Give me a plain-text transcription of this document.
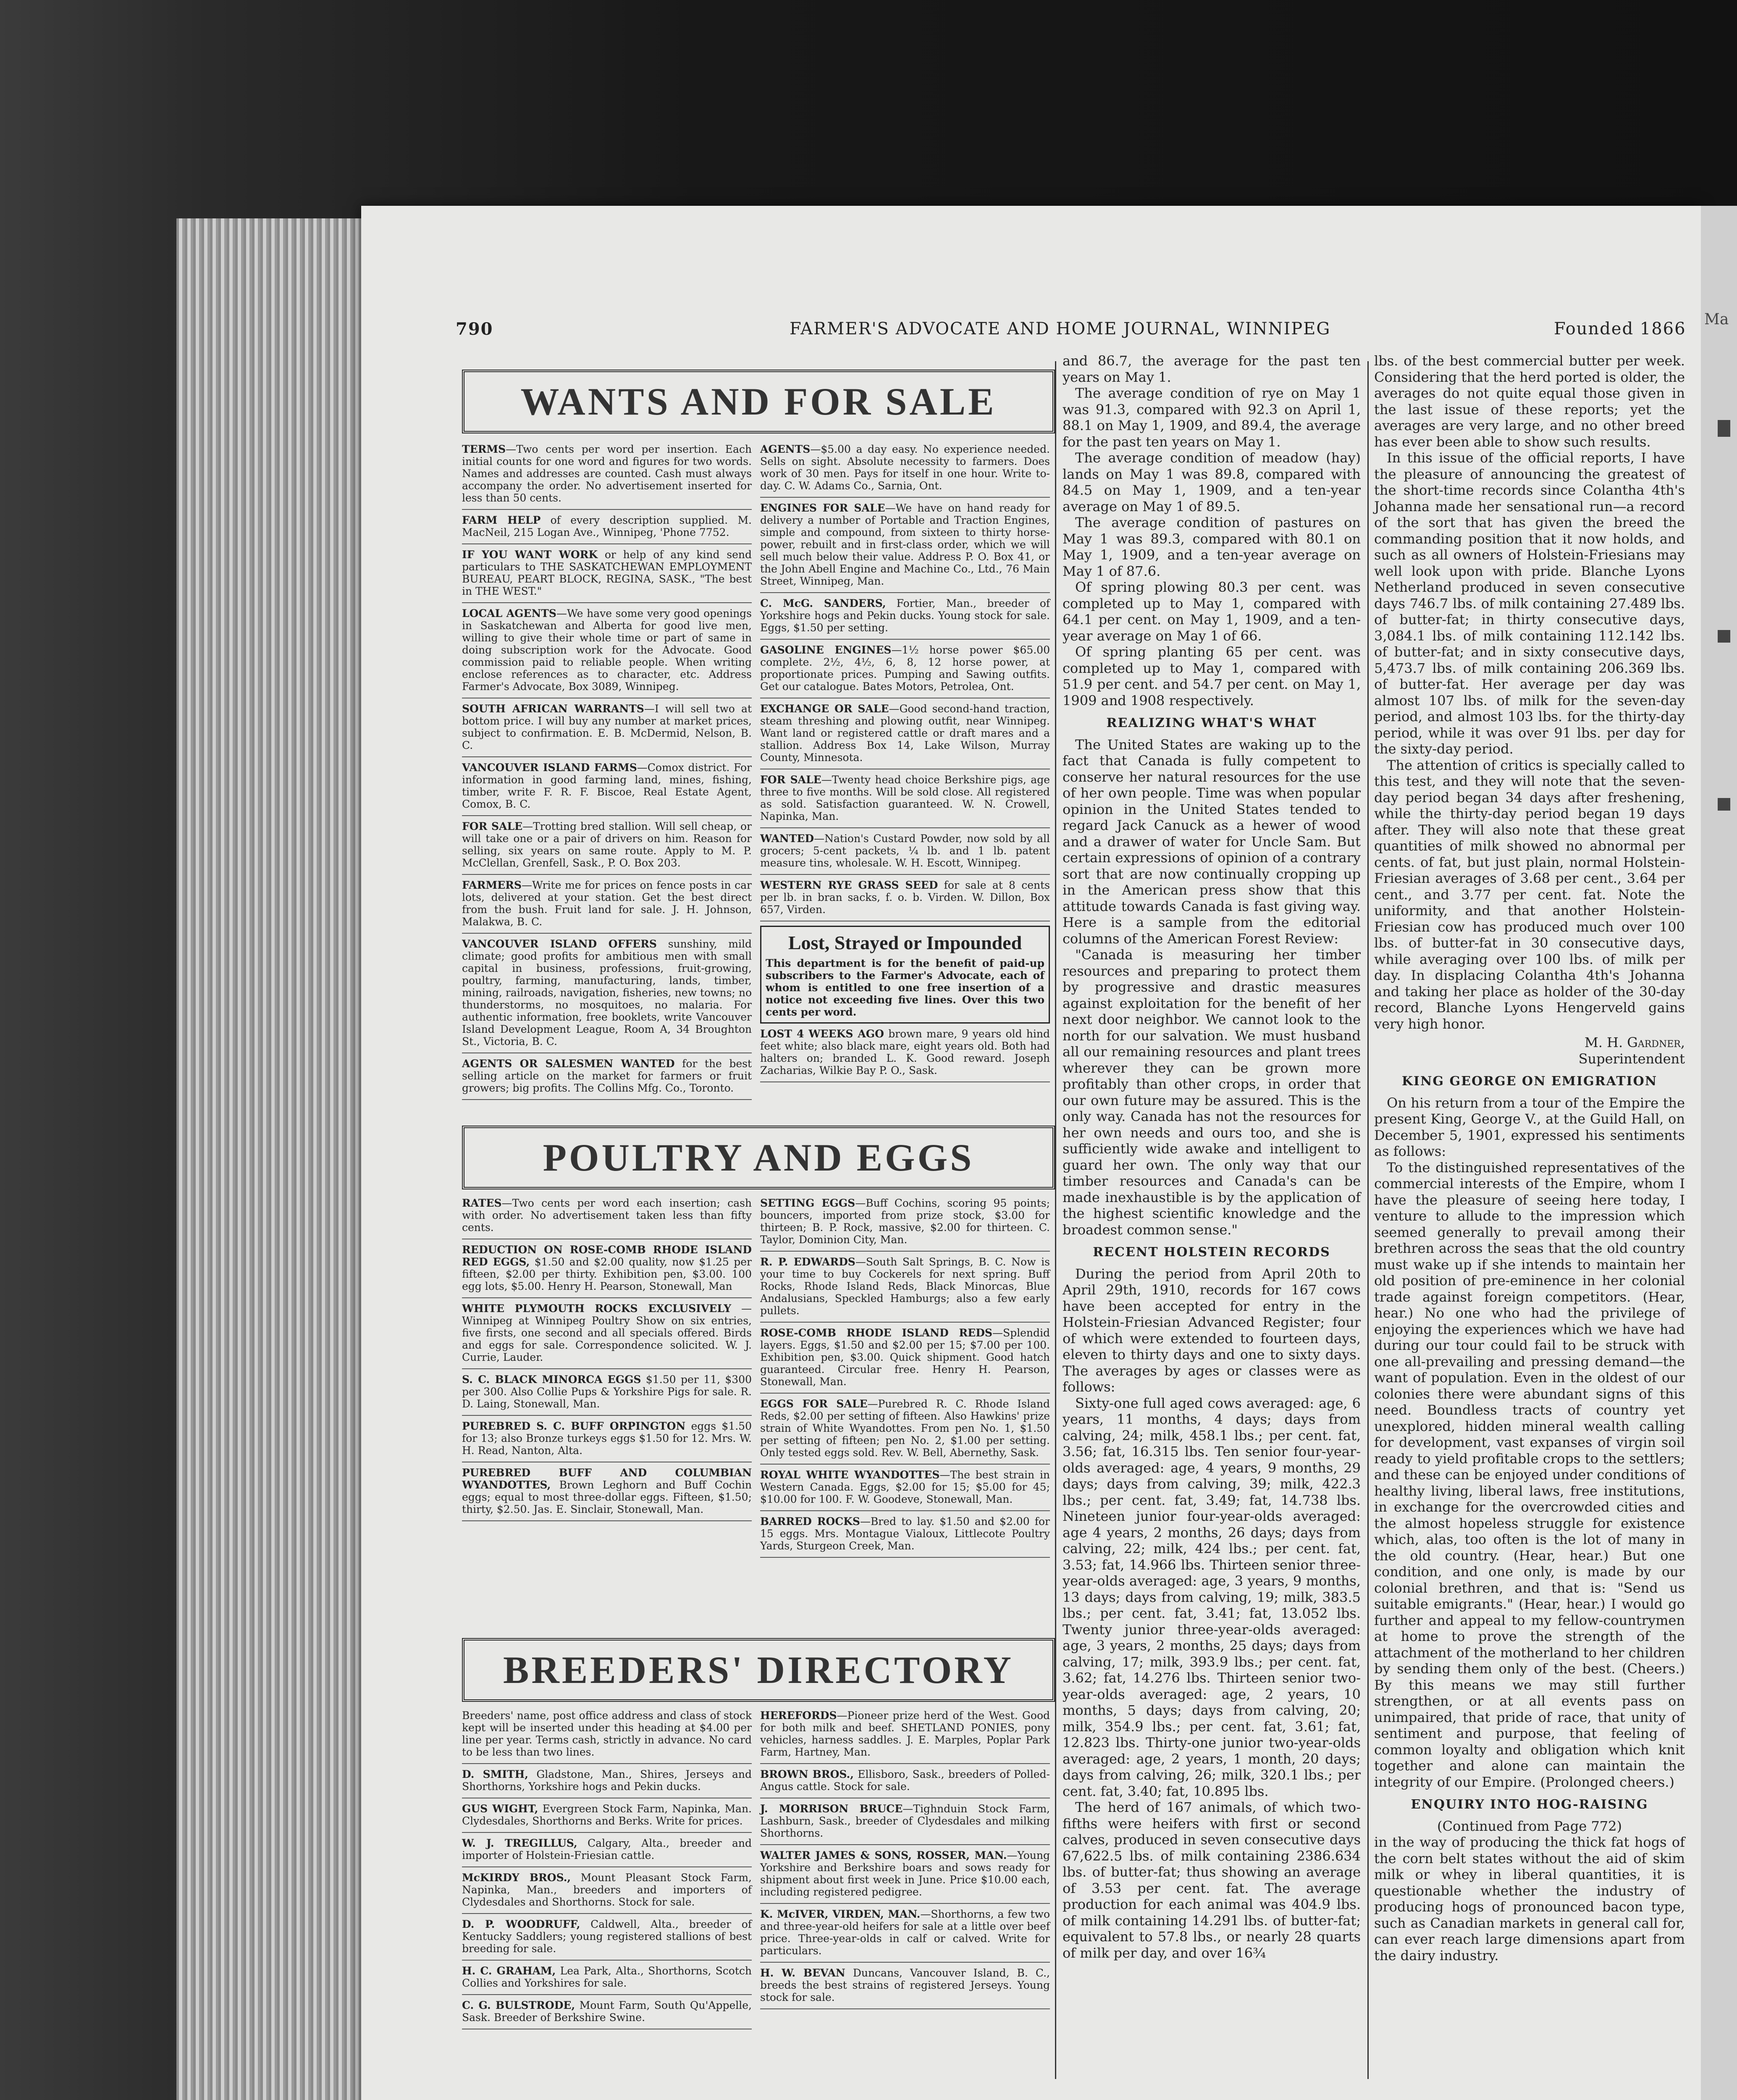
Ma
790	FARMER'S ADVOCATE AND HOME JOURNAL, WINNIPEG	Founded 1866
WANTS AND FOR SALE
TERMS—Two cents per word per insertion. Each initial counts for one word and figures for two words. Names and addresses are counted. Cash must always accompany the order. No advertisement inserted for less than 50 cents.
FARM HELP of every description supplied. M. MacNeil, 215 Logan Ave., Winnipeg, 'Phone 7752.
IF YOU WANT WORK or help of any kind send particulars to THE SASKATCHEWAN EMPLOYMENT BUREAU, PEART BLOCK, REGINA, SASK., "The best in THE WEST."
LOCAL AGENTS—We have some very good openings in Saskatchewan and Alberta for good live men, willing to give their whole time or part of same in doing subscription work for the Advocate. Good commission paid to reliable people. When writing enclose references as to character, etc. Address Farmer's Advocate, Box 3089, Winnipeg.
SOUTH AFRICAN WARRANTS—I will sell two at bottom price. I will buy any number at market prices, subject to confirmation. E. B. McDermid, Nelson, B. C.
VANCOUVER ISLAND FARMS—Comox district. For information in good farming land, mines, fishing, timber, write F. R. F. Biscoe, Real Estate Agent, Comox, B. C.
FOR SALE—Trotting bred stallion. Will sell cheap, or will take one or a pair of drivers on him. Reason for selling, six years on same route. Apply to M. P. McClellan, Grenfell, Sask., P. O. Box 203.
FARMERS—Write me for prices on fence posts in car lots, delivered at your station. Get the best direct from the bush. Fruit land for sale. J. H. Johnson, Malakwa, B. C.
VANCOUVER ISLAND OFFERS sunshiny, mild climate; good profits for ambitious men with small capital in business, professions, fruit-growing, poultry, farming, manufacturing, lands, timber, mining, railroads, navigation, fisheries, new towns; no thunderstorms, no mosquitoes, no malaria. For authentic information, free booklets, write Vancouver Island Development League, Room A, 34 Broughton St., Victoria, B. C.
AGENTS OR SALESMEN WANTED for the best selling article on the market for farmers or fruit growers; big profits. The Collins Mfg. Co., Toronto.
AGENTS—$5.00 a day easy. No experience needed. Sells on sight. Absolute necessity to farmers. Does work of 30 men. Pays for itself in one hour. Write to-day. C. W. Adams Co., Sarnia, Ont.
ENGINES FOR SALE—We have on hand ready for delivery a number of Portable and Traction Engines, simple and compound, from sixteen to thirty horse-power, rebuilt and in first-class order, which we will sell much below their value. Address P. O. Box 41, or the John Abell Engine and Machine Co., Ltd., 76 Main Street, Winnipeg, Man.
C. McG. SANDERS, Fortier, Man., breeder of Yorkshire hogs and Pekin ducks. Young stock for sale. Eggs, $1.50 per setting.
GASOLINE ENGINES—1½ horse power $65.00 complete. 2½, 4½, 6, 8, 12 horse power, at proportionate prices. Pumping and Sawing outfits. Get our catalogue. Bates Motors, Petrolea, Ont.
EXCHANGE OR SALE—Good second-hand traction, steam threshing and plowing outfit, near Winnipeg. Want land or registered cattle or draft mares and a stallion. Address Box 14, Lake Wilson, Murray County, Minnesota.
FOR SALE—Twenty head choice Berkshire pigs, age three to five months. Will be sold close. All registered as sold. Satisfaction guaranteed. W. N. Crowell, Napinka, Man.
WANTED—Nation's Custard Powder, now sold by all grocers; 5-cent packets, ¼ lb. and 1 lb. patent measure tins, wholesale. W. H. Escott, Winnipeg.
WESTERN RYE GRASS SEED for sale at 8 cents per lb. in bran sacks, f. o. b. Virden. W. Dillon, Box 657, Virden.
Lost, Strayed or Impounded
This department is for the benefit of paid-up subscribers to the Farmer's Advocate, each of whom is entitled to one free insertion of a notice not exceeding five lines. Over this two cents per word.
LOST 4 WEEKS AGO brown mare, 9 years old hind feet white; also black mare, eight years old. Both had halters on; branded L. K. Good reward. Joseph Zacharias, Wilkie Bay P. O., Sask.
POULTRY AND EGGS
RATES—Two cents per word each insertion; cash with order. No advertisement taken less than fifty cents.
REDUCTION ON ROSE-COMB RHODE ISLAND RED EGGS, $1.50 and $2.00 quality, now $1.25 per fifteen, $2.00 per thirty. Exhibition pen, $3.00. 100 egg lots, $5.00. Henry H. Pearson, Stonewall, Man
WHITE PLYMOUTH ROCKS EXCLUSIVELY — Winnipeg at Winnipeg Poultry Show on six entries, five firsts, one second and all specials offered. Birds and eggs for sale. Correspondence solicited. W. J. Currie, Lauder.
S. C. BLACK MINORCA EGGS $1.50 per 11, $300 per 300. Also Collie Pups & Yorkshire Pigs for sale. R. D. Laing, Stonewall, Man.
PUREBRED S. C. BUFF ORPINGTON eggs $1.50 for 13; also Bronze turkeys eggs $1.50 for 12. Mrs. W. H. Read, Nanton, Alta.
PUREBRED BUFF AND COLUMBIAN WYANDOTTES, Brown Leghorn and Buff Cochin eggs; equal to most three-dollar eggs. Fifteen, $1.50; thirty, $2.50. Jas. E. Sinclair, Stonewall, Man.
SETTING EGGS—Buff Cochins, scoring 95 points; bouncers, imported from prize stock, $3.00 for thirteen; B. P. Rock, massive, $2.00 for thirteen. C. Taylor, Dominion City, Man.
R. P. EDWARDS—South Salt Springs, B. C. Now is your time to buy Cockerels for next spring. Buff Rocks, Rhode Island Reds, Black Minorcas, Blue Andalusians, Speckled Hamburgs; also a few early pullets.
ROSE-COMB RHODE ISLAND REDS—Splendid layers. Eggs, $1.50 and $2.00 per 15; $7.00 per 100. Exhibition pen, $3.00. Quick shipment. Good hatch guaranteed. Circular free. Henry H. Pearson, Stonewall, Man.
EGGS FOR SALE—Purebred R. C. Rhode Island Reds, $2.00 per setting of fifteen. Also Hawkins' prize strain of White Wyandottes. From pen No. 1, $1.50 per setting of fifteen; pen No. 2, $1.00 per setting. Only tested eggs sold. Rev. W. Bell, Abernethy, Sask.
ROYAL WHITE WYANDOTTES—The best strain in Western Canada. Eggs, $2.00 for 15; $5.00 for 45; $10.00 for 100. F. W. Goodeve, Stonewall, Man.
BARRED ROCKS—Bred to lay. $1.50 and $2.00 for 15 eggs. Mrs. Montague Vialoux, Littlecote Poultry Yards, Sturgeon Creek, Man.
BREEDERS' DIRECTORY
Breeders' name, post office address and class of stock kept will be inserted under this heading at $4.00 per line per year. Terms cash, strictly in advance. No card to be less than two lines.
D. SMITH, Gladstone, Man., Shires, Jerseys and Shorthorns, Yorkshire hogs and Pekin ducks.
GUS WIGHT, Evergreen Stock Farm, Napinka, Man. Clydesdales, Shorthorns and Berks. Write for prices.
W. J. TREGILLUS, Calgary, Alta., breeder and importer of Holstein-Friesian cattle.
McKIRDY BROS., Mount Pleasant Stock Farm, Napinka, Man., breeders and importers of Clydesdales and Shorthorns. Stock for sale.
D. P. WOODRUFF, Caldwell, Alta., breeder of Kentucky Saddlers; young registered stallions of best breeding for sale.
H. C. GRAHAM, Lea Park, Alta., Shorthorns, Scotch Collies and Yorkshires for sale.
C. G. BULSTRODE, Mount Farm, South Qu'Appelle, Sask. Breeder of Berkshire Swine.
HEREFORDS—Pioneer prize herd of the West. Good for both milk and beef. SHETLAND PONIES, pony vehicles, harness saddles. J. E. Marples, Poplar Park Farm, Hartney, Man.
BROWN BROS., Ellisboro, Sask., breeders of Polled-Angus cattle. Stock for sale.
J. MORRISON BRUCE—Tighnduin Stock Farm, Lashburn, Sask., breeder of Clydesdales and milking Shorthorns.
WALTER JAMES & SONS, ROSSER, MAN.—Young Yorkshire and Berkshire boars and sows ready for shipment about first week in June. Price $10.00 each, including registered pedigree.
K. McIVER, VIRDEN, MAN.—Shorthorns, a few two and three-year-old heifers for sale at a little over beef price. Three-year-olds in calf or calved. Write for particulars.
H. W. BEVAN Duncans, Vancouver Island, B. C., breeds the best strains of registered Jerseys. Young stock for sale.

and 86.7, the average for the past ten years on May 1.

The average condition of rye on May 1 was 91.3, compared with 92.3 on April 1, 88.1 on May 1, 1909, and 89.4, the average for the past ten years on May 1.

The average condition of meadow (hay) lands on May 1 was 89.8, compared with 84.5 on May 1, 1909, and a ten-year average on May 1 of 89.5.

The average condition of pastures on May 1 was 89.3, compared with 80.1 on May 1, 1909, and a ten-year average on May 1 of 87.6.

Of spring plowing 80.3 per cent. was completed up to May 1, compared with 64.1 per cent. on May 1, 1909, and a ten-year average on May 1 of 66.

Of spring planting 65 per cent. was completed up to May 1, compared with 51.9 per cent. and 54.7 per cent. on May 1, 1909 and 1908 respectively.

REALIZING WHAT'S WHAT

The United States are waking up to the fact that Canada is fully competent to conserve her natural resources for the use of her own people. Time was when popular opinion in the United States tended to regard Jack Canuck as a hewer of wood and a drawer of water for Uncle Sam. But certain expressions of opinion of a contrary sort that are now continually cropping up in the American press show that this attitude towards Canada is fast giving way. Here is a sample from the editorial columns of the American Forest Review:

"Canada is measuring her timber resources and preparing to protect them by progressive and drastic measures against exploitation for the benefit of her next door neighbor. We cannot look to the north for our salvation. We must husband all our remaining resources and plant trees wherever they can be grown more profitably than other crops, in order that our own future may be assured. This is the only way. Canada has not the resources for her own needs and ours too, and she is sufficiently wide awake and intelligent to guard her own. The only way that our timber resources and Canada's can be made inexhaustible is by the application of the highest scientific knowledge and the broadest common sense."

RECENT HOLSTEIN RECORDS

During the period from April 20th to April 29th, 1910, records for 167 cows have been accepted for entry in the Holstein-Friesian Advanced Register; four of which were extended to fourteen days, eleven to thirty days and one to sixty days. The averages by ages or classes were as follows:

Sixty-one full aged cows averaged: age, 6 years, 11 months, 4 days; days from calving, 24; milk, 458.1 lbs.; per cent. fat, 3.56; fat, 16.315 lbs. Ten senior four-year-olds averaged: age, 4 years, 9 months, 29 days; days from calving, 39; milk, 422.3 lbs.; per cent. fat, 3.49; fat, 14.738 lbs. Nineteen junior four-year-olds averaged: age 4 years, 2 months, 26 days; days from calving, 22; milk, 424 lbs.; per cent. fat, 3.53; fat, 14.966 lbs. Thirteen senior three-year-olds averaged: age, 3 years, 9 months, 13 days; days from calving, 19; milk, 383.5 lbs.; per cent. fat, 3.41; fat, 13.052 lbs. Twenty junior three-year-olds averaged: age, 3 years, 2 months, 25 days; days from calving, 17; milk, 393.9 lbs.; per cent. fat, 3.62; fat, 14.276 lbs. Thirteen senior two-year-olds averaged: age, 2 years, 10 months, 5 days; days from calving, 20; milk, 354.9 lbs.; per cent. fat, 3.61; fat, 12.823 lbs. Thirty-one junior two-year-olds averaged: age, 2 years, 1 month, 20 days; days from calving, 26; milk, 320.1 lbs.; per cent. fat, 3.40; fat, 10.895 lbs.

The herd of 167 animals, of which two-fifths were heifers with first or second calves, produced in seven consecutive days 67,622.5 lbs. of milk containing 2386.634 lbs. of butter-fat; thus showing an average of 3.53 per cent. fat. The average production for each animal was 404.9 lbs. of milk containing 14.291 lbs. of butter-fat; equivalent to 57.8 lbs., or nearly 28 quarts of milk per day, and over 16¾

lbs. of the best commercial butter per week. Considering that the herd ported is older, the averages do not quite equal those given in the last issue of these reports; yet the averages are very large, and no other breed has ever been able to show such results.

In this issue of the official reports, I have the pleasure of announcing the greatest of the short-time records since Colantha 4th's Johanna made her sensational run—a record of the sort that has given the breed the commanding position that it now holds, and such as all owners of Holstein-Friesians may well look upon with pride. Blanche Lyons Netherland produced in seven consecutive days 746.7 lbs. of milk containing 27.489 lbs. of butter-fat; in thirty consecutive days, 3,084.1 lbs. of milk containing 112.142 lbs. of butter-fat; and in sixty consecutive days, 5,473.7 lbs. of milk containing 206.369 lbs. of butter-fat. Her average per day was almost 107 lbs. of milk for the seven-day period, and almost 103 lbs. for the thirty-day period, while it was over 91 lbs. per day for the sixty-day period.

The attention of critics is specially called to this test, and they will note that the seven-day period began 34 days after freshening, while the thirty-day period began 19 days after. They will also note that these great quantities of milk showed no abnormal per cents. of fat, but just plain, normal Holstein-Friesian averages of 3.68 per cent., 3.64 per cent., and 3.77 per cent. fat. Note the uniformity, and that another Holstein-Friesian cow has produced much over 100 lbs. of butter-fat in 30 consecutive days, while averaging over 100 lbs. of milk per day. In displacing Colantha 4th's Johanna and taking her place as holder of the 30-day record, Blanche Lyons Hengerveld gains very high honor.

M. H. Gardner,
Superintendent
KING GEORGE ON EMIGRATION

On his return from a tour of the Empire the present King, George V., at the Guild Hall, on December 5, 1901, expressed his sentiments as follows:

To the distinguished representatives of the commercial interests of the Empire, whom I have the pleasure of seeing here today, I venture to allude to the impression which seemed generally to prevail among their brethren across the seas that the old country must wake up if she intends to maintain her old position of pre-eminence in her colonial trade against foreign competitors. (Hear, hear.) No one who had the privilege of enjoying the experiences which we have had during our tour could fail to be struck with one all-prevailing and pressing demand—the want of population. Even in the oldest of our colonies there were abundant signs of this need. Boundless tracts of country yet unexplored, hidden mineral wealth calling for development, vast expanses of virgin soil ready to yield profitable crops to the settlers; and these can be enjoyed under conditions of healthy living, liberal laws, free institutions, in exchange for the overcrowded cities and the almost hopeless struggle for existence which, alas, too often is the lot of many in the old country. (Hear, hear.) But one condition, and one only, is made by our colonial brethren, and that is: "Send us suitable emigrants." (Hear, hear.) I would go further and appeal to my fellow-countrymen at home to prove the strength of the attachment of the motherland to her children by sending them only of the best. (Cheers.) By this means we may still further strengthen, or at all events pass on unimpaired, that pride of race, that unity of sentiment and purpose, that feeling of common loyalty and obligation which knit together and alone can maintain the integrity of our Empire. (Prolonged cheers.)

ENQUIRY INTO HOG-RAISING
(Continued from Page 772)

in the way of producing the thick fat hogs of the corn belt states without the aid of skim milk or whey in liberal quantities, it is questionable whether the industry of producing hogs of pronounced bacon type, such as Canadian markets in general call for, can ever reach large dimensions apart from the dairy industry.
